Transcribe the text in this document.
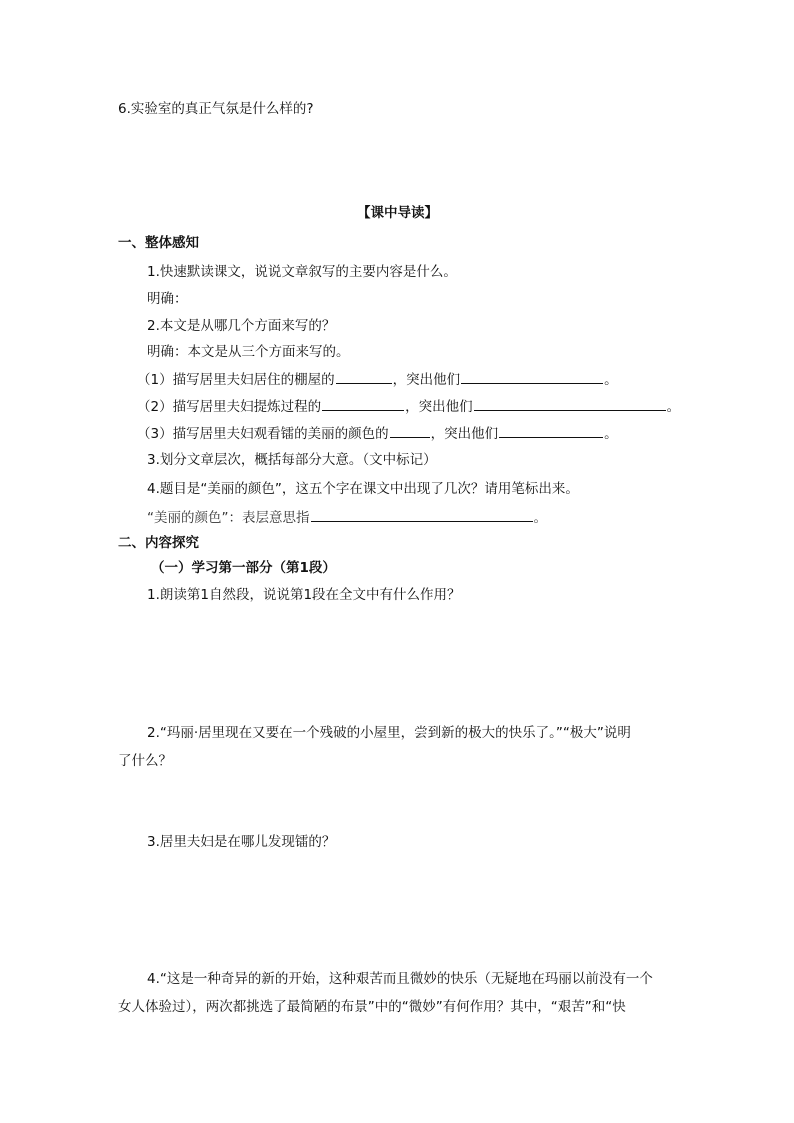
6.实验室的真正气氛是什么样的?
【课中导读】
一、整体感知
1.快速默读课文，说说文章叙写的主要内容是什么。
明确：
2.本文是从哪几个方面来写的？
明确：本文是从三个方面来写的。
（1）描写居里夫妇居住的棚屋的	，突出他们	。
（2）描写居里夫妇提炼过程的	，突出他们	。
（3）描写居里夫妇观看镭的美丽的颜色的	，突出他们	。
3.划分文章层次，概括每部分大意。（文中标记）
4.题目是“美丽的颜色”，这五个字在课文中出现了几次？请用笔标出来。
“美丽的颜色”：表层意思指	。
二、内容探究
（一）学习第一部分（第1段）
1.朗读第1自然段，说说第1段在全文中有什么作用？
2.“玛丽·居里现在又要在一个残破的小屋里，尝到新的极大的快乐了。”“极大”说明
了什么？
3.居里夫妇是在哪儿发现镭的？
4.“这是一种奇异的新的开始，这种艰苦而且微妙的快乐（无疑地在玛丽以前没有一个
女人体验过），两次都挑选了最简陋的布景”中的“微妙”有何作用？其中，“艰苦”和“快
